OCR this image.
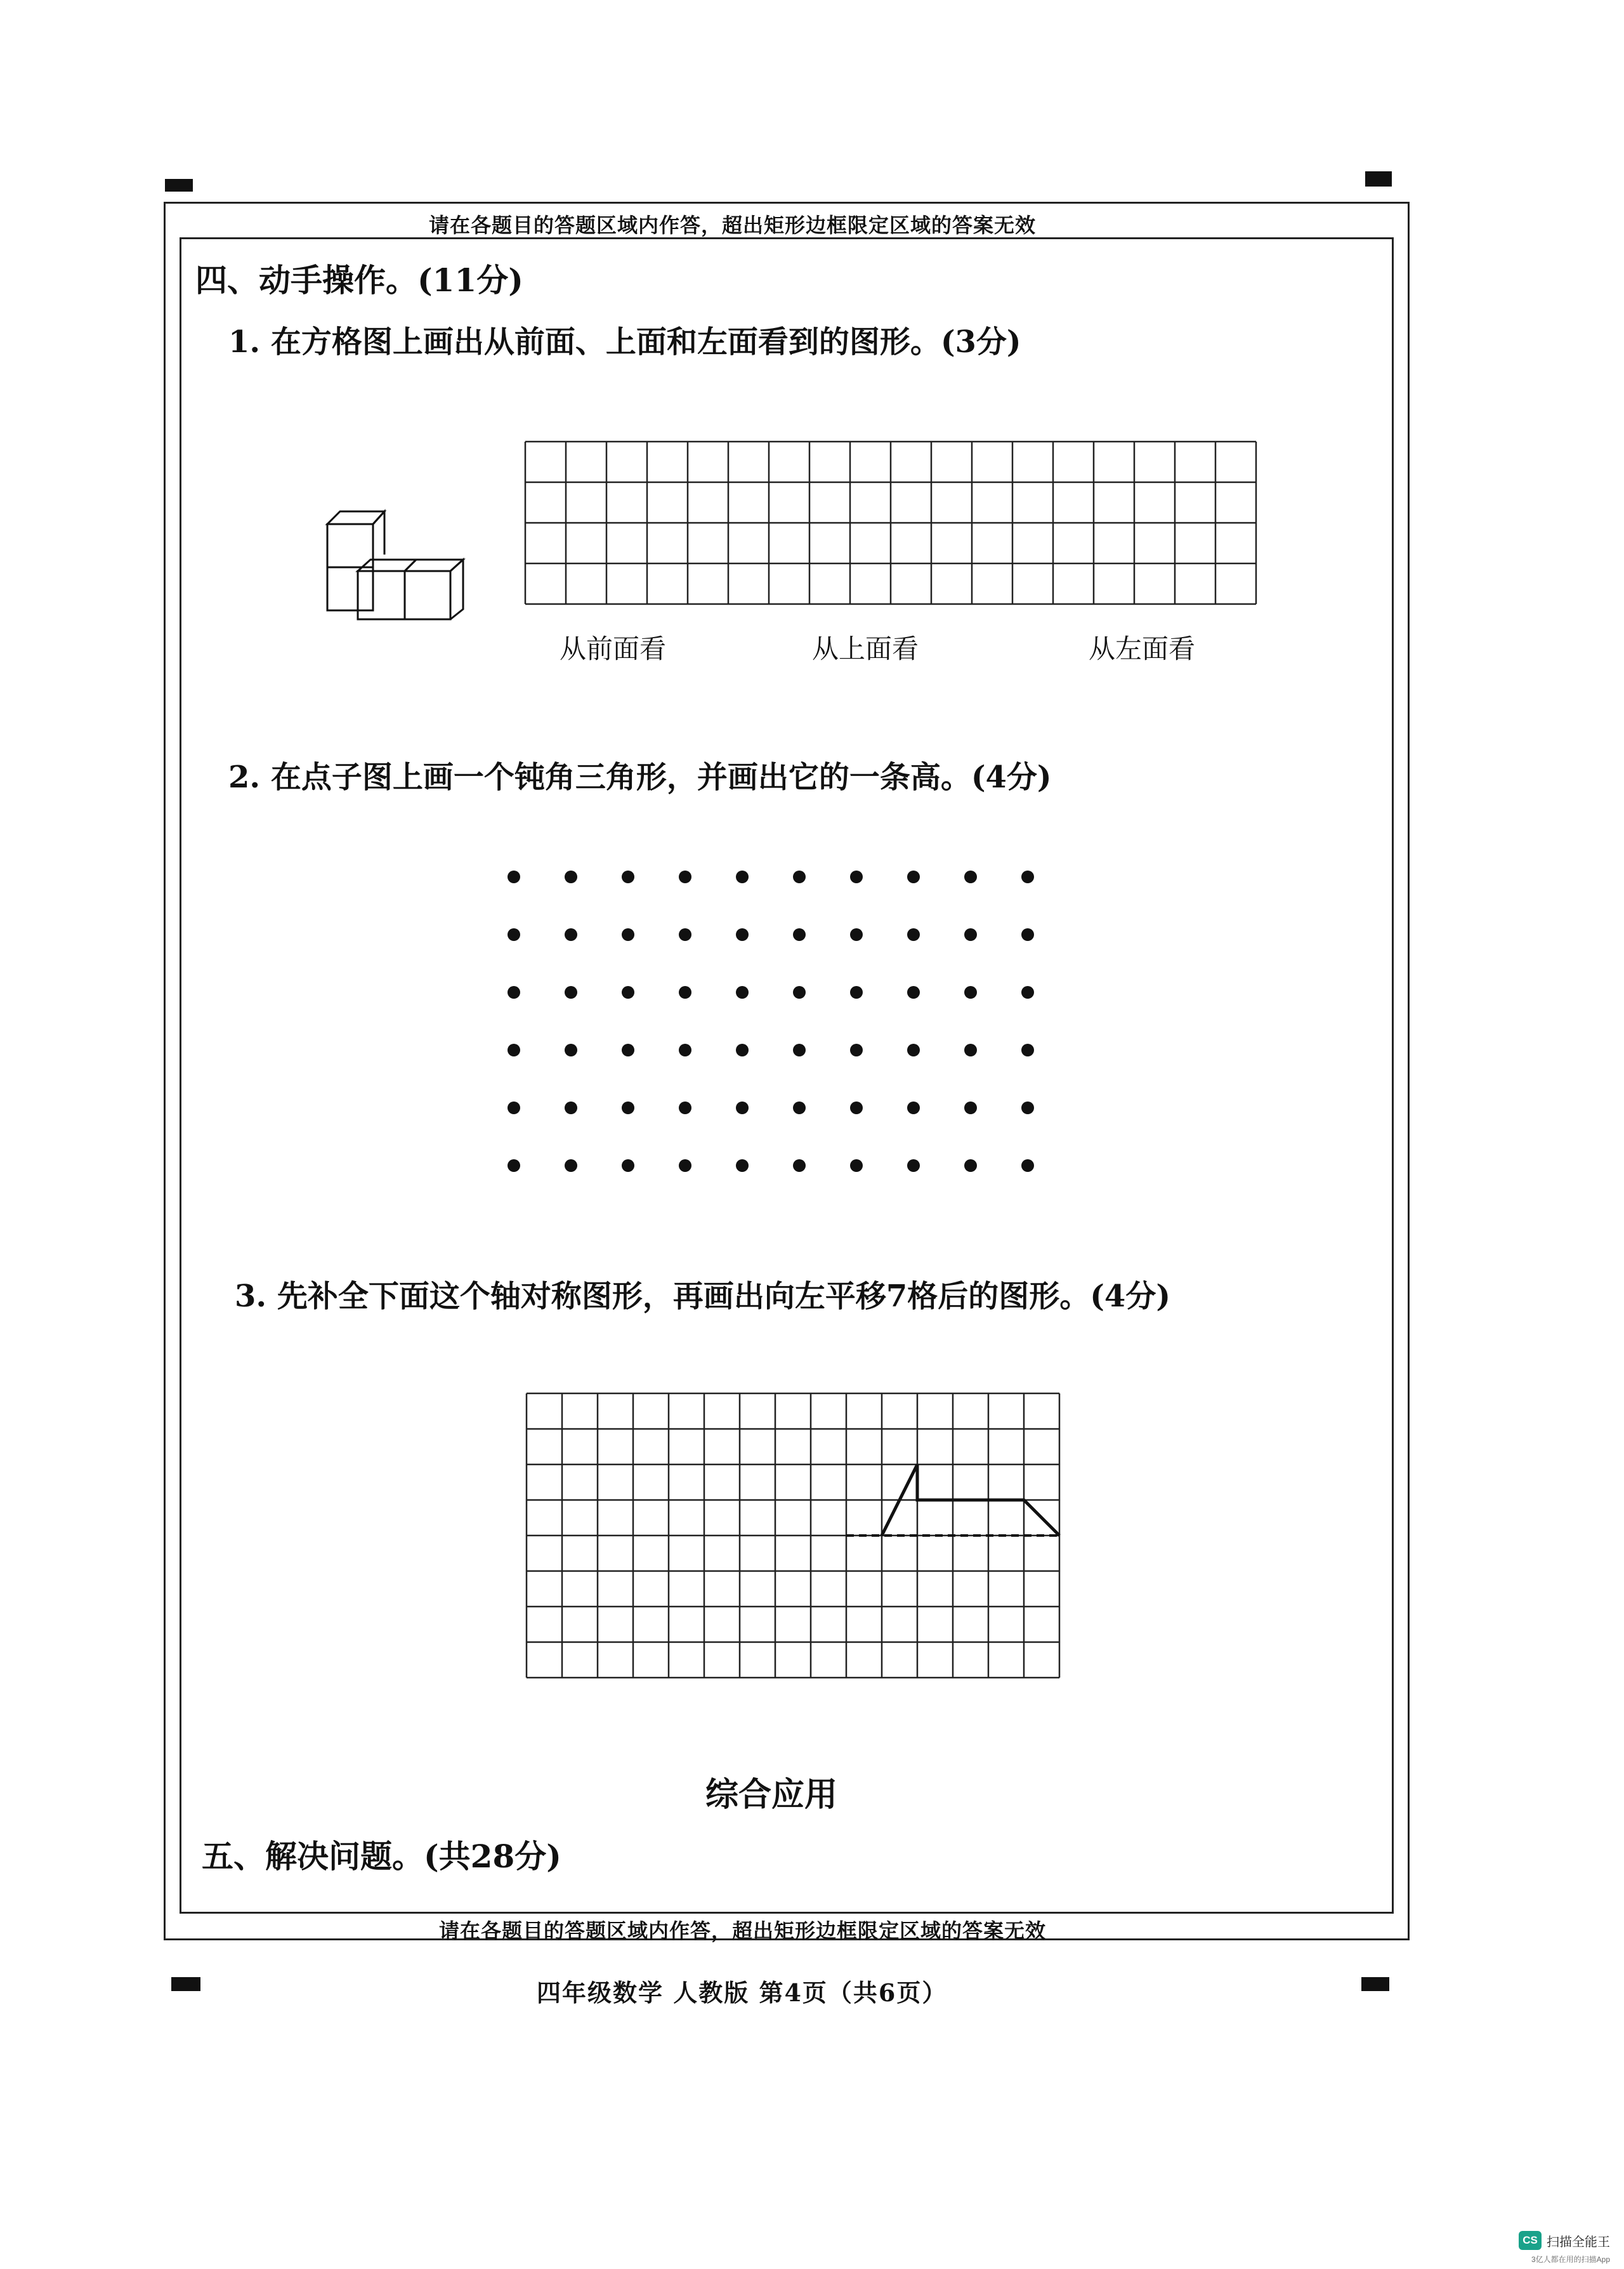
请在各题目的答题区域内作答，超出矩形边框限定区域的答案无效
四、动手操作。(11分)
1. 在方格图上画出从前面、上面和左面看到的图形。(3分)
从前面看	从上面看	从左面看
2. 在点子图上画一个钝角三角形，并画出它的一条高。(4分)
3. 先补全下面这个轴对称图形，再画出向左平移7格后的图形。(4分)
综合应用
五、解决问题。(共28分)
请在各题目的答题区域内作答，超出矩形边框限定区域的答案无效
四年级数学 人教版 第4页（共6页）
CS 扫描全能王
3亿人都在用的扫描App
